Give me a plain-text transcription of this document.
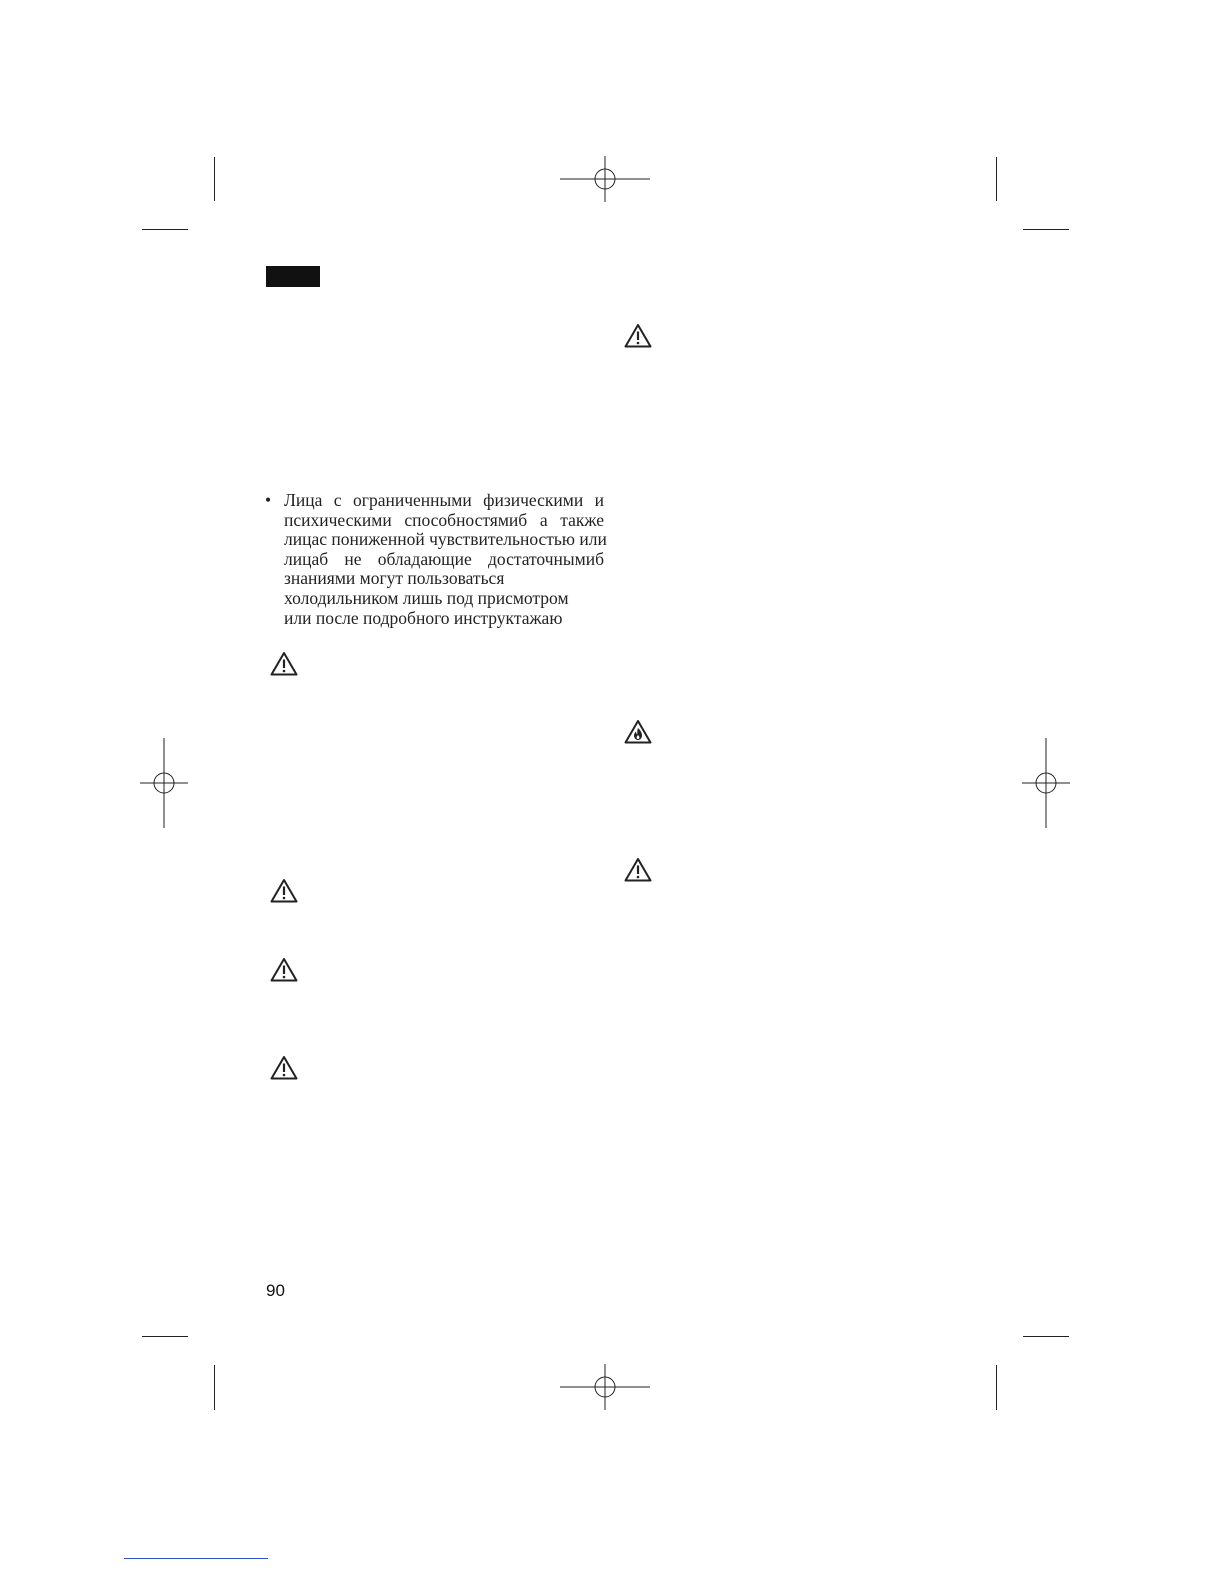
• Лица с ограниченными физическими и
психическими способностямиб а также
лицас пониженной чувствительностью или
лицаб не обладающие достаточнымиб
знаниями могут пользоваться
холодильником лишь под присмотром
или после подробного инструктажаю
90
